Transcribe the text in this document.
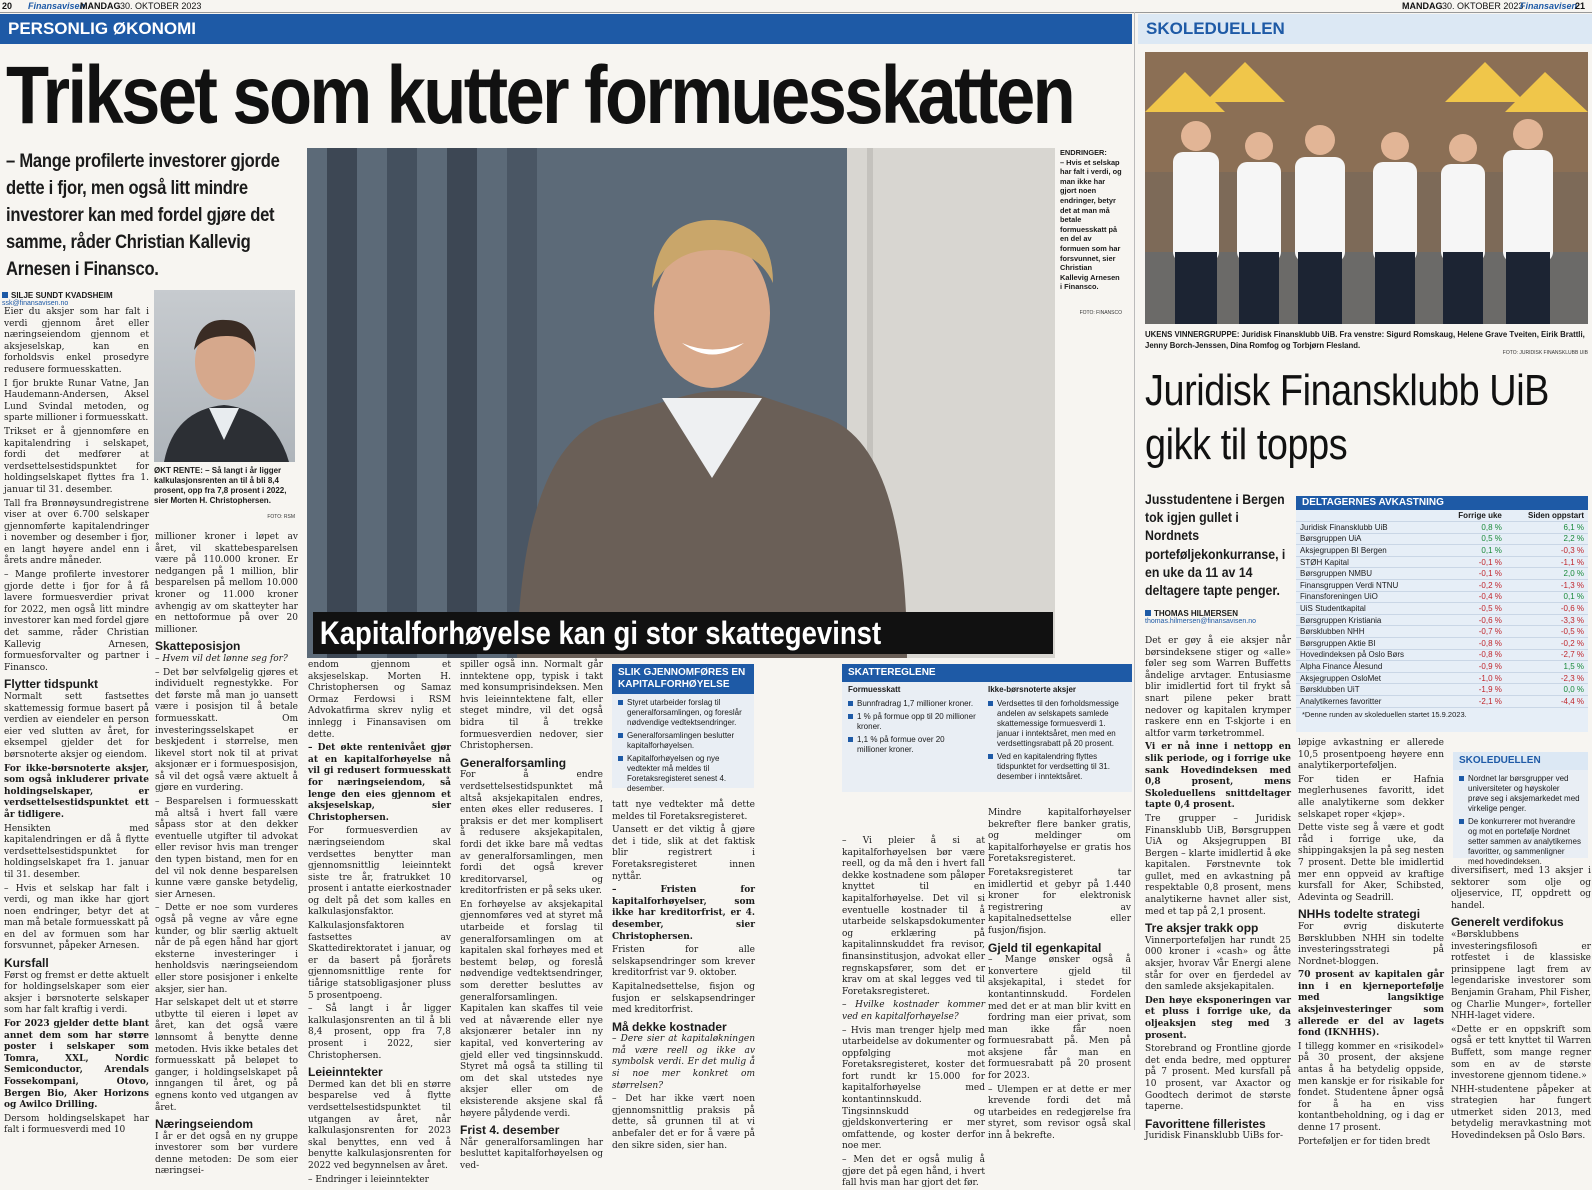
20 Finansavisen
MANDAG 30. OKTOBER 2023	MANDAG 30. OKTOBER 2023
Finansavisen
21
PERSONLIG ØKONOMI
Trikset som kutter formuesskatten
– Mange profilerte investorer gjorde dette i fjor, men også litt mindre investorer kan med fordel gjøre det samme, råder Christian Kallevig Arnesen i Finansco.
SILJE SUNDT KVADSHEIM
ssk@finansavisen.no
ØKT RENTE: – Så langt i år ligger kalkulasjonsrenten an til å bli 8,4 prosent, opp fra 7,8 prosent i 2022, sier Morten H. Christophersen.
FOTO: RSM
Kapitalforhøyelse kan gi stor skattegevinst
ENDRINGER:
– Hvis et selskap har falt i verdi, og man ikke har gjort noen endringer, betyr det at man må betale formuesskatt på en del av formuen som har forsvunnet, sier Christian Kallevig Arnesen i Finansco.
FOTO: FINANSCO

Eier du aksjer som har falt i verdi gjennom året eller næringseiendom gjennom et aksjeselskap, kan en forholdsvis enkel prosedyre redusere formuesskatten.

I fjor brukte Runar Vatne, Jan Haudemann-Andersen, Aksel Lund Svindal metoden, og sparte millioner i formuesskatt.

Trikset er å gjennomføre en kapitalendring i selskapet, fordi det medfører at verdsettelsestidspunktet for holdingselskapet flyttes fra 1. januar til 31. desember.

Tall fra Brønnøysundregistrene viser at over 6.700 selskaper gjennomførte kapitalendringer i november og desember i fjor, en langt høyere andel enn i årets andre måneder.

– Mange profilerte investorer gjorde dette i fjor for å få lavere formuesverdier privat for 2022, men også litt mindre investorer kan med fordel gjøre det samme, råder Christian Kallevig Arnesen, formuesforvalter og partner i Finansco.

Flytter tidspunkt

Normalt sett fastsettes skattemessig formue basert på verdien av eiendeler en person eier ved slutten av året, for eksempel gjelder det for børsnoterte aksjer og eiendom.

For ikke-børsnoterte aksjer, som også inkluderer private holdingselskaper, er verdsettelsestidspunktet ett år tidligere.

Hensikten med kapitalendringen er då å flytte verdsettelsestidspunktet for holdingselskapet fra 1. januar til 31. desember.

– Hvis et selskap har falt i verdi, og man ikke har gjort noen endringer, betyr det at man må betale formuesskatt på en del av formuen som har forsvunnet, påpeker Arnesen.

Kursfall

Først og fremst er dette aktuelt for holdingselskaper som eier aksjer i børsnoterte selskaper som har falt kraftig i verdi.

For 2023 gjelder dette blant annet dem som har større poster i selskaper som Tomra, XXL, Nordic Semiconductor, Arendals Fossekompani, Otovo, Bergen Bio, Aker Horizons og Awilco Drilling.

Dersom holdingselskapet har falt i formuesverdi med 10

millioner kroner i løpet av året, vil skattebesparelsen være på 110.000 kroner. Er nedgangen på 1 million, blir besparelsen på mellom 10.000 kroner og 11.000 kroner avhengig av om skatteyter har en nettoformue på over 20 millioner.

Skatteposisjon

– Hvem vil det lønne seg for?

– Det bør selvfølgelig gjøres et individuelt regnestykke. For det første må man jo uansett være i posisjon til å betale formuesskatt. Om investeringsselskapet er beskjedent i størrelse, men likevel stort nok til at privat aksjonær er i formuesposisjon, så vil det også være aktuelt å gjøre en vurdering.

– Besparelsen i formuesskatt må altså i hvert fall være såpass stor at den dekker eventuelle utgifter til advokat eller revisor hvis man trenger den typen bistand, men for en del vil nok denne besparelsen kunne være ganske betydelig, sier Arnesen.

– Dette er noe som vurderes også på vegne av våre egne kunder, og blir særlig aktuelt når de på egen hånd har gjort eksterne investeringer i henholdsvis næringseiendom eller store posisjoner i enkelte aksjer, sier han.

Har selskapet delt ut et større utbytte til eieren i løpet av året, kan det også være lønnsomt å benytte denne metoden. Hvis ikke betales det formuesskatt på beløpet to ganger, i holdingselskapet på inngangen til året, og på egnens konto ved utgangen av året.

Næringseiendom

I år er det også en ny gruppe investorer som bør vurdere denne metoden: De som eier næringsei-

endom gjennom et aksjeselskap. Morten H. Christophersen og Samaz Ormaz Ferdowsi i RSM Advokatfirma skrev nylig et innlegg i Finansavisen om dette.

– Det økte rentenivået gjør at en kapitalforhøyelse nå vil gi redusert formuesskatt for næringseiendom, så lenge den eies gjennom et aksjeselskap, sier Christophersen.

For formuesverdien av næringseiendom skal verdsettes benytter man gjennomsnittlig leieinntekt siste tre år, fratrukket 10 prosent i antatte eierkostnader og delt på det som kalles en kalkulasjonsfaktor.

Kalkulasjonsfaktoren fastsettes av Skattedirektoratet i januar, og er da basert på fjorårets gjennomsnittlige rente for tiårige statsobligasjoner pluss 5 prosentpoeng.

– Så langt i år ligger kalkulasjonsrenten an til å bli 8,4 prosent, opp fra 7,8 prosent i 2022, sier Christophersen.

Leieinntekter

Dermed kan det bli en større besparelse ved å flytte verdsettelsestidspunktet til utgangen av året, når kalkulasjonsrenten for 2023 skal benyttes, enn ved å benytte kalkulasjonsrenten for 2022 ved begynnelsen av året.

– Endringer i leieinntekter

spiller også inn. Normalt går inntektene opp, typisk i takt med konsumprisindeksen. Men hvis leieinntektene falt, eller steget mindre, vil det også bidra til å trekke formuesverdien nedover, sier Christophersen.

Generalforsamling

For å endre verdsettelsestidspunktet må altså aksjekapitalen endres, enten økes eller reduseres. I praksis er det mer komplisert å redusere aksjekapitalen, fordi det ikke bare må vedtas av generalforsamlingen, men fordi det også krever kreditorvarsel, og kreditorfristen er på seks uker.

En forhøyelse av aksjekapital gjennomføres ved at styret må utarbeide et forslag til generalforsamlingen om at kapitalen skal forhøyes med et bestemt beløp, og foreslå nødvendige vedtektsendringer, som deretter besluttes av generalforsamlingen. Kapitalen kan skaffes til veie ved at nåværende eller nye aksjonærer betaler inn ny kapital, ved konvertering av gjeld eller ved tingsinnskudd. Styret må også ta stilling til om det skal utstedes nye aksjer eller om de eksisterende aksjene skal få høyere pålydende verdi.

Frist 4. desember

Når generalforsamlingen har besluttet kapitalforhøyelsen og ved-

tatt nye vedtekter må dette meldes til Foretaksregisteret.

Uansett er det viktig å gjøre det i tide, slik at det faktisk blir registrert i Foretaksregisteret innen nyttår.

– Fristen for kapitalforhøyelser, som ikke har kreditorfrist, er 4. desember, sier Christophersen.

Fristen for alle selskapsendringer som krever kreditorfrist var 9. oktober.

Kapitalnedsettelse, fisjon og fusjon er selskapsendringer med kreditorfrist.

Må dekke kostnader

– Dere sier at kapitaløkningen må være reell og ikke av symbolsk verdi. Er det mulig å si noe mer konkret om størrelsen?

– Det har ikke vært noen gjennomsnittlig praksis på dette, så grunnen til at vi anbefaler det er for å være på den sikre siden, sier han.

– Vi pleier å si at kapitalforhøyelsen bør være reell, og da må den i hvert fall dekke kostnadene som påløper knyttet til en kapitalforhøyelse. Det vil si eventuelle kostnader til å utarbeide selskapsdokumenter og erklæring på kapitalinnskuddet fra revisor, finansinstitusjon, advokat eller regnskapsfører, som det er krav om at skal legges ved til Foretaksregisteret.

– Hvilke kostnader kommer ved en kapitalforhøyelse?

– Hvis man trenger hjelp med utarbeidelse av dokumenter og oppfølging mot Foretaksregisteret, koster det fort rundt kr 15.000 for kapitalforhøyelse med kontantinnskudd. Tingsinnskudd og gjeldskonvertering er mer omfattende, og koster derfor noe mer.

– Men det er også mulig å gjøre det på egen hånd, i hvert fall hvis man har gjort det før.

Mindre kapitalforhøyelser bekrefter flere banker gratis, og meldinger om kapitalforhøyelse er gratis hos Foretaksregisteret.

Foretaksregisteret tar imidlertid et gebyr på 1.440 kroner for elektronisk registrering av kapitalnedsettelse eller fusjon/fisjon.

Gjeld til egenkapital

– Mange ønsker også å konvertere gjeld til aksjekapital, i stedet for kontantinnskudd. Fordelen med det er at man blir kvitt en fordring man eier privat, som man ikke får noen formuesrabatt på. Men på aksjene får man en formuesrabatt på 20 prosent for 2023.

– Ulempen er at dette er mer krevende fordi det må utarbeides en redegjørelse fra styret, som revisor også skal inn å bekrefte.

SLIK GJENNOMFØRES EN KAPITALFORHØYELSE
Styret utarbeider forslag til generalforsamlingen, og foreslår nødvendige vedtektsendringer.
Generalforsamlingen beslutter kapitalforhøyelsen.
Kapitalforhøyelsen og nye vedtekter må meldes til Foretaksregisteret senest 4. desember.
SKATTEREGLENE
Formuesskatt
Bunnfradrag 1,7 millioner kroner.
1 % på formue opp til 20 millioner kroner.
1,1 % på formue over 20 millioner kroner.
Ikke-børsnoterte aksjer
Verdsettes til den forholdsmessige andelen av selskapets samlede skattemessige formuesverdi 1. januar i inntektsåret, men med en verdsettingsrabatt på 20 prosent.
Ved en kapitalendring flyttes tidspunktet for verdsetting til 31. desember i inntektsåret.
SKOLEDUELLEN
UKENS VINNERGRUPPE: Juridisk Finansklubb UiB. Fra venstre: Sigurd Romskaug, Helene Grave Tveiten, Eirik Brattli, Jenny Borch-Jenssen, Dina Romfog og Torbjørn Flesland.
FOTO: JURIDISK FINANSKLUBB UIB
Juridisk Finansklubb UiB gikk til topps
Jusstudentene i Bergen tok igjen gullet i Nordnets porteføljekonkurranse, i en uke da 11 av 14 deltagere tapte penger.
THOMAS HILMERSEN
thomas.hilmersen@finansavisen.no
DELTAGERNES AVKASTNING
	Forrige uke	Siden oppstart
Juridisk Finansklubb UiB	0,8 %	6,1 %
Børsgruppen UiA	0,5 %	2,2 %
Aksjegruppen BI Bergen	0,1 %	-0,3 %
STØH Kapital	-0,1 %	-1,1 %
Børsgruppen NMBU	-0,1 %	2,0 %
Finansgruppen Verdi NTNU	-0,2 %	-1,3 %
Finansforeningen UiO	-0,4 %	0,1 %
UiS Studentkapital	-0,5 %	-0,6 %
Børsgruppen Kristiania	-0,6 %	-3,3 %
Børsklubben NHH	-0,7 %	-0,5 %
Børsgruppen Aktie BI	-0,8 %	-0,2 %
Hovedindeksen på Oslo Børs	-0,8 %	-2,7 %
Alpha Finance Ålesund	-0,9 %	1,5 %
Aksjegruppen OsloMet	-1,0 %	-2,3 %
Børsklubben UiT	-1,9 %	0,0 %
Analytikernes favoritter	-2,1 %	-4,4 %
*Denne runden av skoleduellen startet 15.9.2023.
SKOLEDUELLEN
Nordnet lar børsgrupper ved universiteter og høyskoler prøve seg i aksjemarkedet med virkelige penger.
De konkurrerer mot hverandre og mot en portefølje Nordnet setter sammen av analytikernes favoritter, og sammenligner med hovedindeksen.

Det er gøy å eie aksjer når børsindeksene stiger og «alle» føler seg som Warren Buffetts åndelige arvtager. Entusiasme blir imidlertid fort til frykt så snart pilene peker bratt nedover og kapitalen krymper raskere enn en T-skjorte i en altfor varm tørketrommel.

Vi er nå inne i nettopp en slik periode, og i forrige uke sank Hovedindeksen med 0,8 prosent, mens Skoleduellens snittdeltager tapte 0,4 prosent.

Tre grupper – Juridisk Finansklubb UiB, Børsgruppen UiA og Aksjegruppen BI Bergen – klarte imidlertid å øke kapitalen. Førstnevnte tok gullet, med en avkastning på respektable 0,8 prosent, mens analytikerne havnet aller sist, med et tap på 2,1 prosent.

Tre aksjer trakk opp

Vinnerporteføljen har rundt 25 000 kroner i «cash» og åtte aksjer, hvorav Vår Energi alene står for over en fjerdedel av den samlede aksjekapitalen.

Den høye eksponeringen var et pluss i forrige uke, da oljeaksjen steg med 3 prosent.

Storebrand og Frontline gjorde det enda bedre, med oppturer på 7 prosent. Med kursfall på 10 prosent, var Axactor og Goodtech derimot de største taperne.

Favorittene filleristes

Juridisk Finansklubb UiBs for-

løpige avkastning er allerede 10,5 prosentpoeng høyere enn analytikerporteføljen.

For tiden er Hafnia meglerhusenes favoritt, idet alle analytikerne som dekker selskapet roper «kjøp».

Dette viste seg å være et godt råd i forrige uke, da shippingaksjen la på seg nesten 7 prosent. Dette ble imidlertid mer enn oppveid av kraftige kursfall for Aker, Schibsted, Adevinta og Seadrill.

NHHs todelte strategi

For øvrig diskuterte Børsklubben NHH sin todelte investeringsstrategi på Nordnet-bloggen.

70 prosent av kapitalen går inn i en kjerneportefølje med langsiktige aksjeinvesteringer som allerede er del av lagets fond (IKNHHS).

I tillegg kommer en «risikodel» på 30 prosent, der aksjene antas å ha betydelig oppside, men kanskje er for risikable for fondet. Studentene åpner også for å ha en viss kontantbeholdning, og i dag er denne 17 prosent.

Porteføljen er for tiden bredt

diversifisert, med 13 aksjer i sektorer som olje og oljeservice, IT, oppdrett og handel.

Generelt verdifokus

«Børsklubbens investeringsfilosofi er rotfestet i de klassiske prinsippene lagt frem av legendariske investorer som Benjamin Graham, Phil Fisher, og Charlie Munger», forteller NHH-laget videre.

«Dette er en oppskrift som også er tett knyttet til Warren Buffett, som mange regner som en av de største investorene gjennom tidene.»

NHH-studentene påpeker at strategien har fungert utmerket siden 2013, med betydelig meravkastning mot Hovedindeksen på Oslo Børs.
